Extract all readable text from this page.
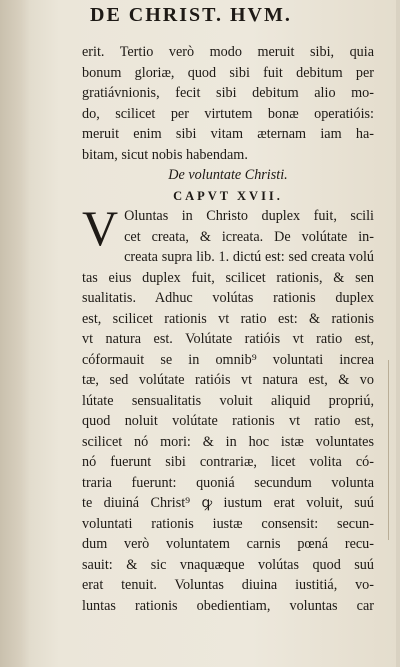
DE CHRIST. HVM.
erit. Tertio verò modo meruit sibi, quia
bonum gloriæ, quod sibi fuit debitum per
gratiávnionis, fecit sibi debitum alio mo-
do, scilicet per virtutem bonæ operatióis:
meruit enim sibi vitam æternam iam ha-
bitam, sicut nobis habendam.
De voluntate Christi.
CAPVT XVII.
V Oluntas in Christo duplex fuit, scili
cet creata, & icreata. De volútate in-
creata supra lib. 1. dictú est: sed creata volú
tas eius duplex fuit, scilicet rationis, & sen
sualitatis. Adhuc volútas rationis duplex
est, scilicet rationis vt ratio est: & rationis
vt natura est. Volútate ratióis vt ratio est,
cóformauit se in omnib⁹ voluntati increa
tæ, sed volútate ratióis vt natura est, & vo
lútate sensualitatis voluit aliquid propriú,
quod noluit volútate rationis vt ratio est,
scilicet nó mori: & in hoc istæ voluntates
nó fuerunt sibi contrariæ, licet volita có-
traria fuerunt: quoniá secundum volunta
te diuiná Christ⁹ ꝙ iustum erat voluit, suú
voluntati rationis iustæ consensit: secun-
dum verò voluntatem carnis pœná recu-
sauit: & sic vnaquæque volútas quod suú
erat tenuit. Voluntas diuina iustitiá, vo-
luntas rationis obedientiam, voluntas car
